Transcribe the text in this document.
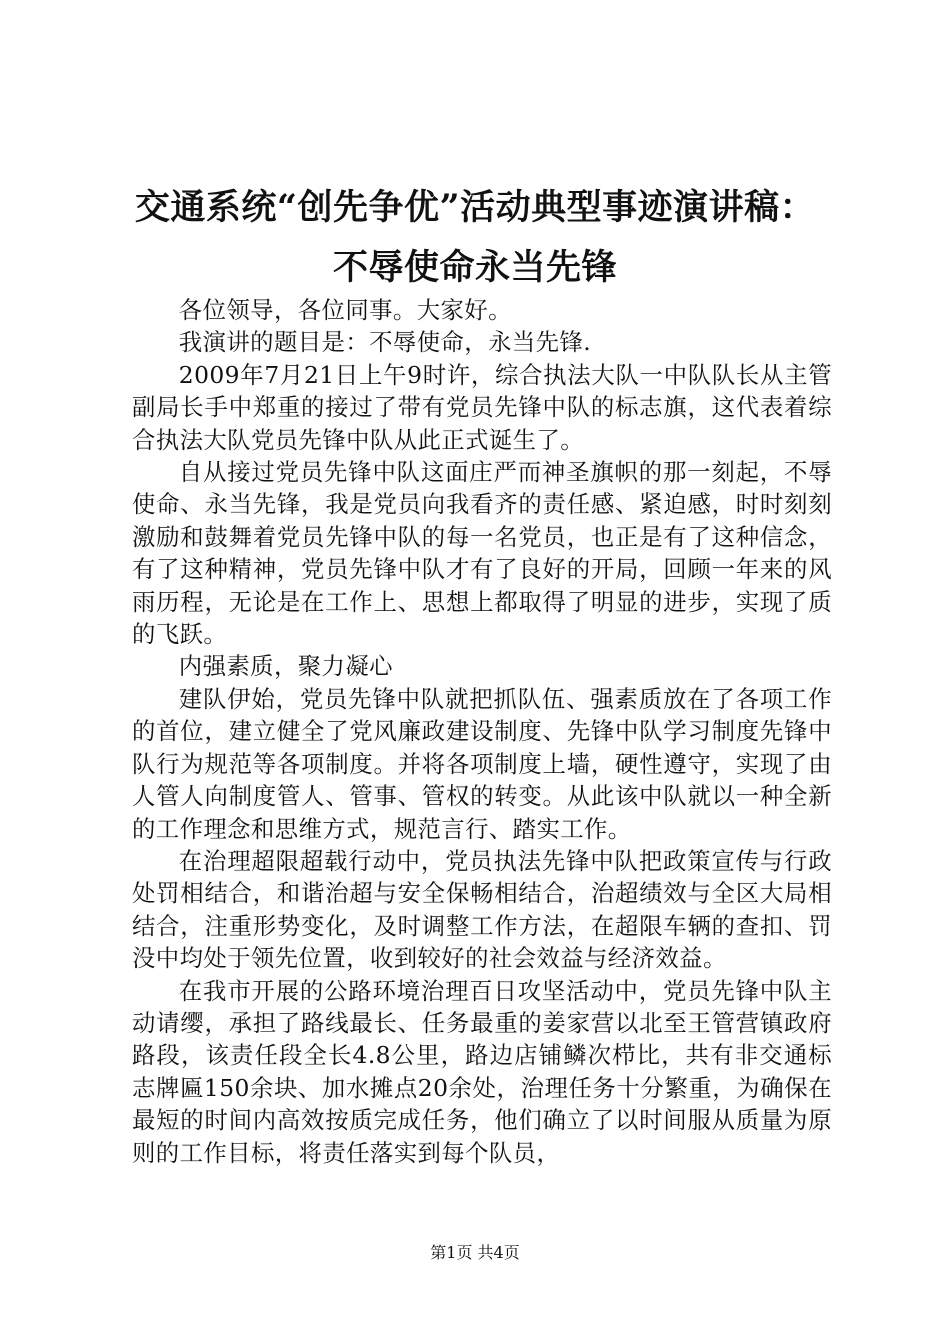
交通系统“创先争优”活动典型事迹演讲稿：
不辱使命永当先锋

各位领导，各位同事。大家好。

我演讲的题目是：不辱使命，永当先锋.

2009年7月21日上午9时许，综合执法大队一中队队长从主管副局长手中郑重的接过了带有党员先锋中队的标志旗，这代表着综合执法大队党员先锋中队从此正式诞生了。

自从接过党员先锋中队这面庄严而神圣旗帜的那一刻起，不辱使命、永当先锋，我是党员向我看齐的责任感、紧迫感，时时刻刻激励和鼓舞着党员先锋中队的每一名党员，也正是有了这种信念，有了这种精神，党员先锋中队才有了良好的开局，回顾一年来的风雨历程，无论是在工作上、思想上都取得了明显的进步，实现了质的飞跃。

内强素质，聚力凝心

建队伊始，党员先锋中队就把抓队伍、强素质放在了各项工作的首位，建立健全了党风廉政建设制度、先锋中队学习制度先锋中队行为规范等各项制度。并将各项制度上墙，硬性遵守，实现了由人管人向制度管人、管事、管权的转变。从此该中队就以一种全新的工作理念和思维方式，规范言行、踏实工作。

在治理超限超载行动中，党员执法先锋中队把政策宣传与行政处罚相结合，和谐治超与安全保畅相结合，治超绩效与全区大局相结合，注重形势变化，及时调整工作方法，在超限车辆的查扣、罚没中均处于领先位置，收到较好的社会效益与经济效益。

在我市开展的公路环境治理百日攻坚活动中，党员先锋中队主动请缨，承担了路线最长、任务最重的姜家营以北至王管营镇政府路段，该责任段全长4.8公里，路边店铺鳞次栉比，共有非交通标志牌匾150余块、加水摊点20余处，治理任务十分繁重，为确保在最短的时间内高效按质完成任务，他们确立了以时间服从质量为原则的工作目标，将责任落实到每个队员，

第1页 共4页
